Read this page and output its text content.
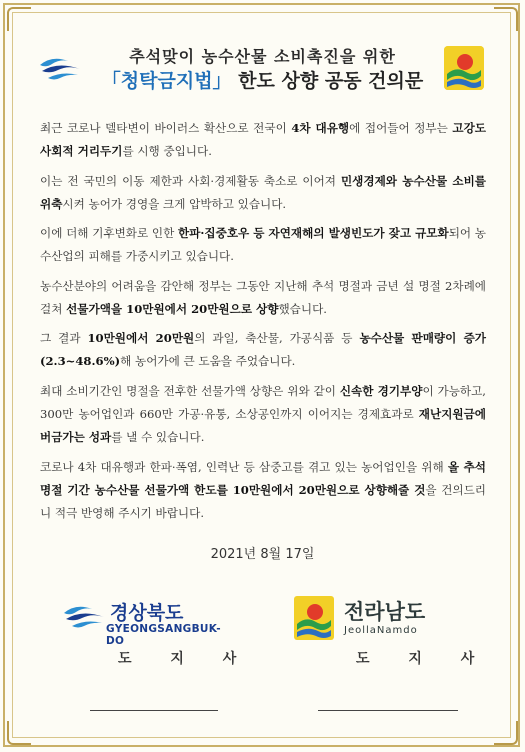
추석맞이 농수산물 소비촉진을 위한
「청탁금지법」 한도 상향 공동 건의문
최근 코로나 델타변이 바이러스 확산으로 전국이 4차 대유행에 접어들어 정부는 고강도 사회적 거리두기를 시행 중입니다.
이는 전 국민의 이동 제한과 사회·경제활동 축소로 이어져 민생경제와 농수산물 소비를 위축시켜 농어가 경영을 크게 압박하고 있습니다.
이에 더해 기후변화로 인한 한파·집중호우 등 자연재해의 발생빈도가 잦고 규모화되어 농수산업의 피해를 가중시키고 있습니다.
농수산분야의 어려움을 감안해 정부는 그동안 지난해 추석 명절과 금년 설 명절 2차례에 걸쳐 선물가액을 10만원에서 20만원으로 상향했습니다.
그 결과 10만원에서 20만원의 과일, 축산물, 가공식품 등 농수산물 판매량이 증가(2.3~48.6%)해 농어가에 큰 도움을 주었습니다.
최대 소비기간인 명절을 전후한 선물가액 상향은 위와 같이 신속한 경기부양이 가능하고, 300만 농어업인과 660만 가공·유통, 소상공인까지 이어지는 경제효과로 재난지원금에 버금가는 성과를 낼 수 있습니다.
코로나 4차 대유행과 한파·폭염, 인력난 등 삼중고를 겪고 있는 농어업인을 위해 올 추석명절 기간 농수산물 선물가액 한도를 10만원에서 20만원으로 상향해줄 것을 건의드리니 적극 반영해 주시기 바랍니다.
2021년 8월 17일
경상북도
GYEONGSANGBUK-DO
전라남도
JeollaNamdo
도 지 사	도 지 사
